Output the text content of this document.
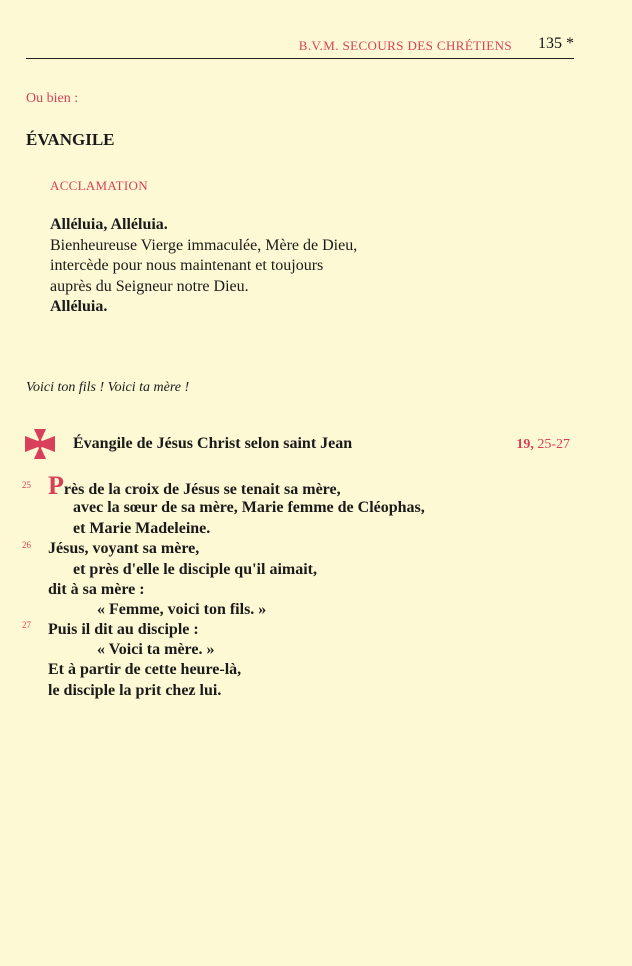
B.V.M. SECOURS DES CHRÉTIENS 135 *
Ou bien :
ÉVANGILE
ACCLAMATION
Alléluia, Alléluia.
Bienheureuse Vierge immaculée, Mère de Dieu,
intercède pour nous maintenant et toujours
auprès du Seigneur notre Dieu.
Alléluia.
Voici ton fils ! Voici ta mère !
Évangile de Jésus Christ selon saint Jean	19, 25-27
25
26
27
Près de la croix de Jésus se tenait sa mère,
avec la sœur de sa mère, Marie femme de Cléophas,
et Marie Madeleine.
Jésus, voyant sa mère,
et près d'elle le disciple qu'il aimait,
dit à sa mère :
« Femme, voici ton fils. »
Puis il dit au disciple :
« Voici ta mère. »
Et à partir de cette heure-là,
le disciple la prit chez lui.
